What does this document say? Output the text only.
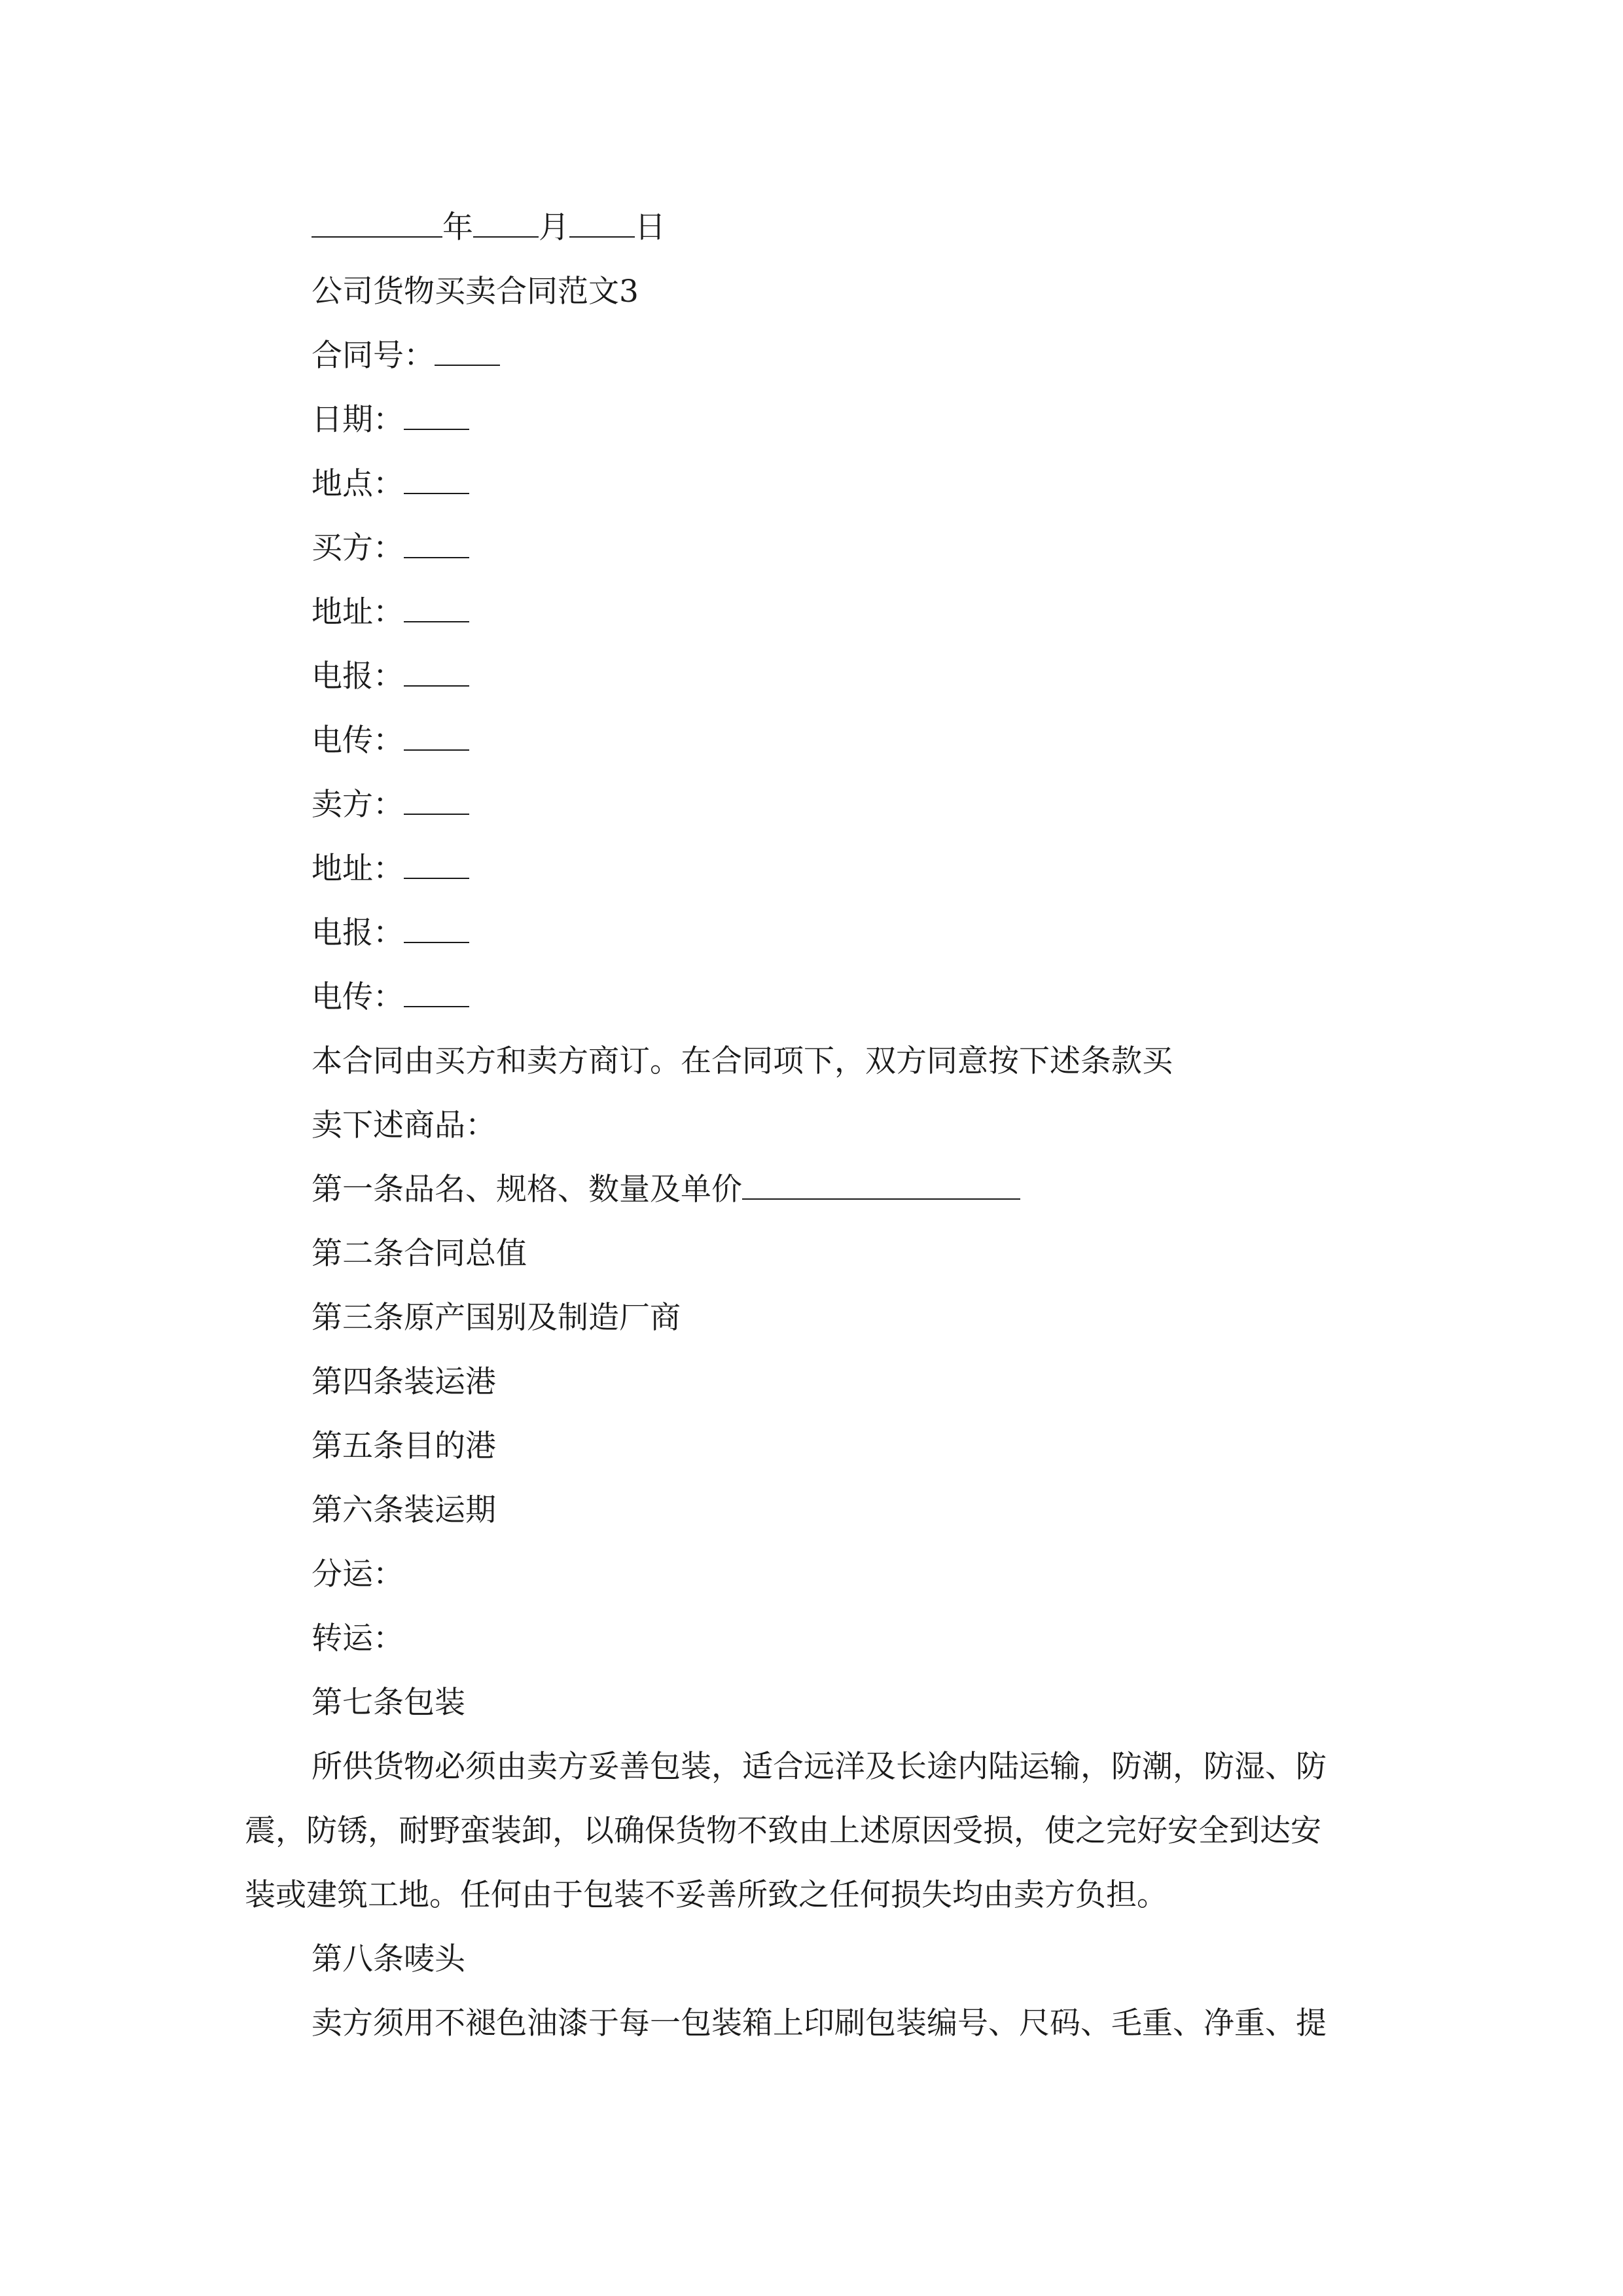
年 月 日
公司货物买卖合同范文3
合同号：
日期：
地点：
买方：
地址：
电报：
电传：
卖方：
地址：
电报：
电传：
本合同由买方和卖方商订。在合同项下，双方同意按下述条款买
卖下述商品：
第一条品名、规格、数量及单价
第二条合同总值
第三条原产国别及制造厂商
第四条装运港
第五条目的港
第六条装运期
分运：
转运：
第七条包装
所供货物必须由卖方妥善包装，适合远洋及长途内陆运输，防潮，防湿、防
震，防锈，耐野蛮装卸，以确保货物不致由上述原因受损，使之完好安全到达安
装或建筑工地。任何由于包装不妥善所致之任何损失均由卖方负担。
第八条唛头
卖方须用不褪色油漆于每一包装箱上印刷包装编号、尺码、毛重、净重、提
